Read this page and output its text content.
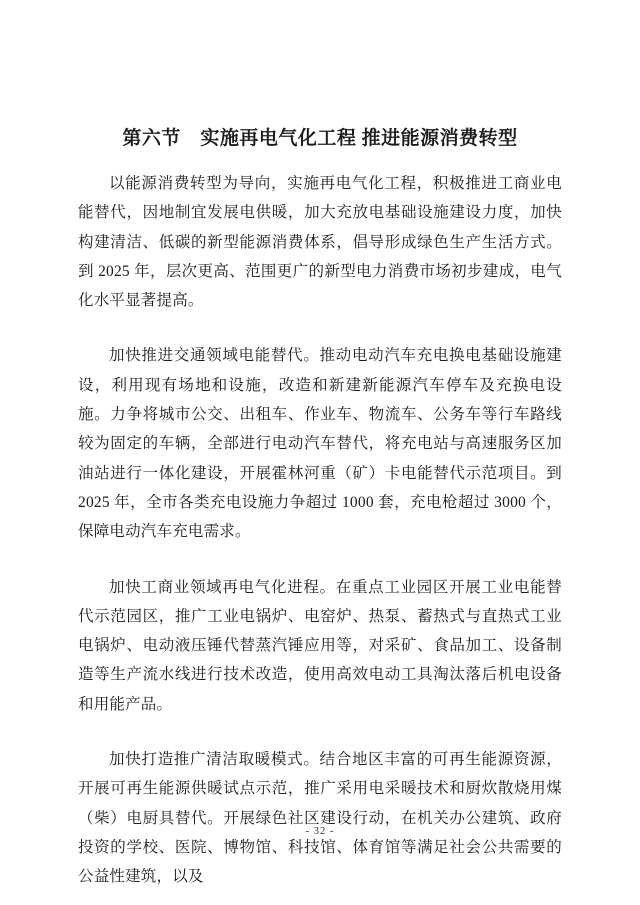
第六节　实施再电气化工程 推进能源消费转型

以能源消费转型为导向，实施再电气化工程，积极推进工商业电能替代，因地制宜发展电供暖，加大充放电基础设施建设力度，加快构建清洁、低碳的新型能源消费体系，倡导形成绿色生产生活方式。到 2025 年，层次更高、范围更广的新型电力消费市场初步建成，电气化水平显著提高。

加快推进交通领域电能替代。推动电动汽车充电换电基础设施建设，利用现有场地和设施，改造和新建新能源汽车停车及充换电设施。力争将城市公交、出租车、作业车、物流车、公务车等行车路线较为固定的车辆，全部进行电动汽车替代，将充电站与高速服务区加油站进行一体化建设，开展霍林河重（矿）卡电能替代示范项目。到 2025 年，全市各类充电设施力争超过 1000 套，充电枪超过 3000 个，保障电动汽车充电需求。

加快工商业领域再电气化进程。在重点工业园区开展工业电能替代示范园区，推广工业电锅炉、电窑炉、热泵、蓄热式与直热式工业电锅炉、电动液压锤代替蒸汽锤应用等，对采矿、食品加工、设备制造等生产流水线进行技术改造，使用高效电动工具淘汰落后机电设备和用能产品。

加快打造推广清洁取暖模式。结合地区丰富的可再生能源资源，开展可再生能源供暖试点示范，推广采用电采暖技术和厨炊散烧用煤（柴）电厨具替代。开展绿色社区建设行动，在机关办公建筑、政府投资的学校、医院、博物馆、科技馆、体育馆等满足社会公共需要的公益性建筑，以及

- 32 -
